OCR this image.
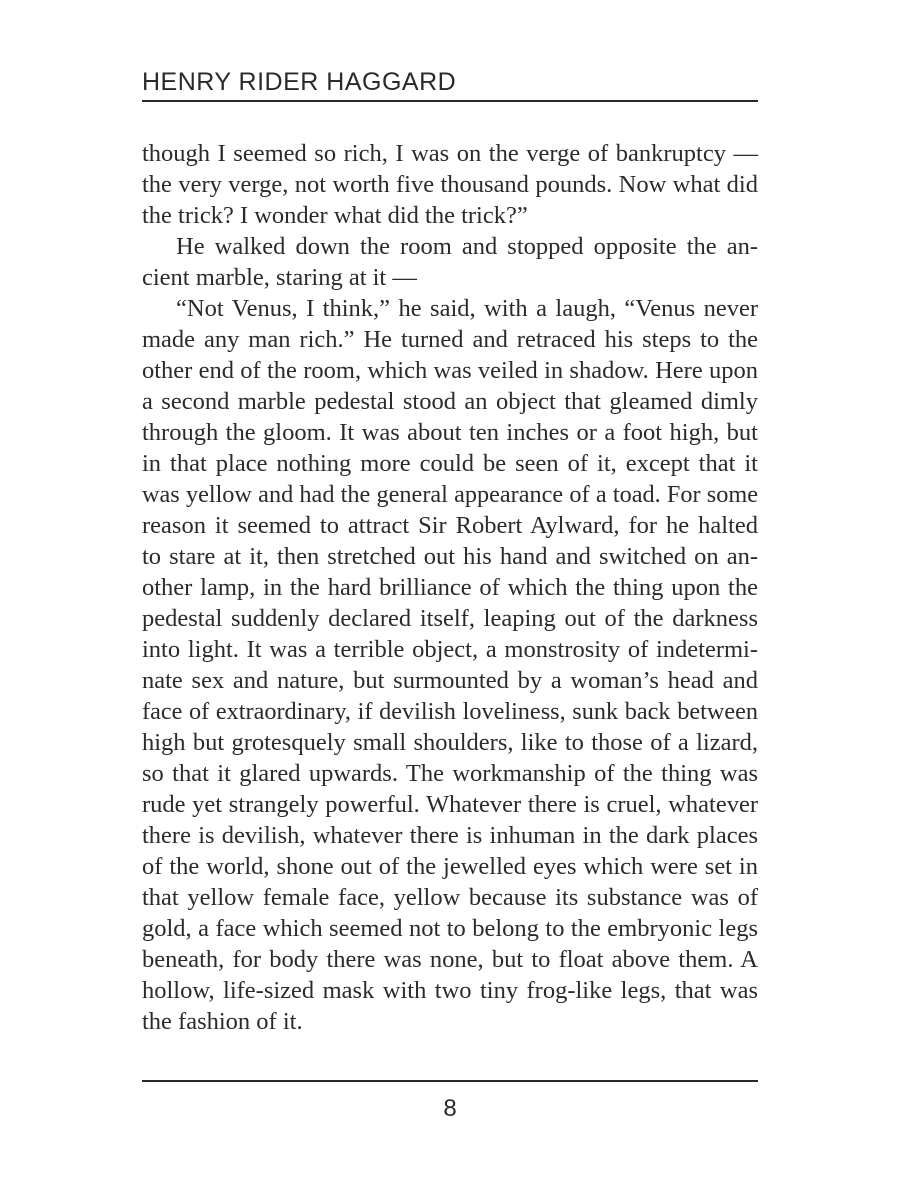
HENRY RIDER HAGGARD
though I seemed so rich, I was on the verge of bankruptcy —
the very verge, not worth five thousand pounds. Now what did
the trick? I wonder what did the trick?”
He walked down the room and stopped opposite the an-
cient marble, staring at it —
“Not Venus, I think,” he said, with a laugh, “Venus never
made any man rich.” He turned and retraced his steps to the
other end of the room, which was veiled in shadow. Here upon
a second marble pedestal stood an object that gleamed dimly
through the gloom. It was about ten inches or a foot high, but
in that place nothing more could be seen of it, except that it
was yellow and had the general appearance of a toad. For some
reason it seemed to attract Sir Robert Aylward, for he halted
to stare at it, then stretched out his hand and switched on an-
other lamp, in the hard brilliance of which the thing upon the
pedestal suddenly declared itself, leaping out of the darkness
into light. It was a terrible object, a monstrosity of indetermi-
nate sex and nature, but surmounted by a woman’s head and
face of extraordinary, if devilish loveliness, sunk back between
high but grotesquely small shoulders, like to those of a lizard,
so that it glared upwards. The workmanship of the thing was
rude yet strangely powerful. Whatever there is cruel, whatever
there is devilish, whatever there is inhuman in the dark places
of the world, shone out of the jewelled eyes which were set in
that yellow female face, yellow because its substance was of
gold, a face which seemed not to belong to the embryonic legs
beneath, for body there was none, but to float above them. A
hollow, life-sized mask with two tiny frog-like legs, that was
the fashion of it.
8
